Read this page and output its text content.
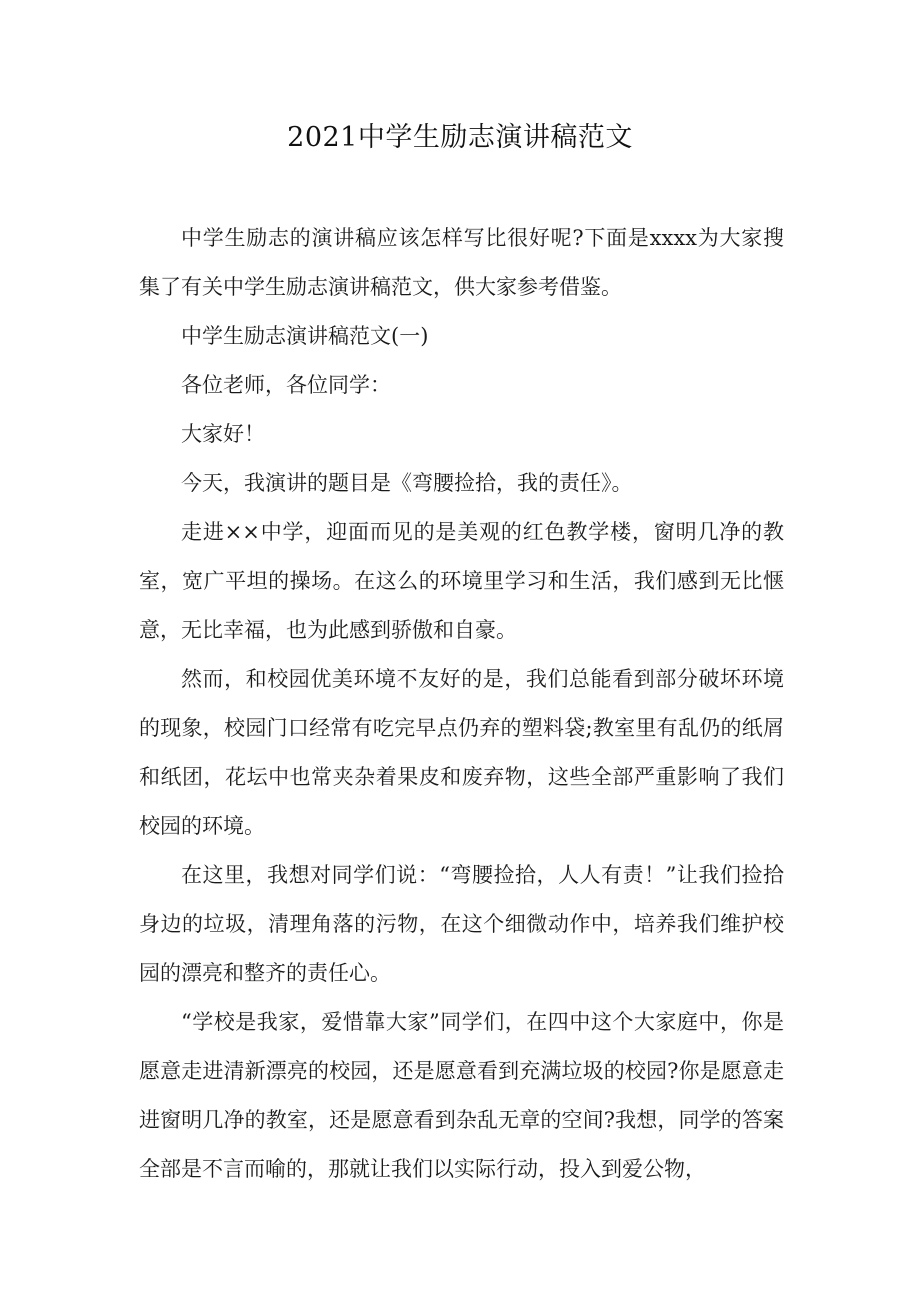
2021中学生励志演讲稿范文

中学生励志的演讲稿应该怎样写比很好呢?下面是xxxx为大家搜集了有关中学生励志演讲稿范文，供大家参考借鉴。

中学生励志演讲稿范文(一)

各位老师，各位同学：

大家好！

今天，我演讲的题目是《弯腰捡拾，我的责任》。

走进××中学，迎面而见的是美观的红色教学楼，窗明几净的教室，宽广平坦的操场。在这么的环境里学习和生活，我们感到无比惬意，无比幸福，也为此感到骄傲和自豪。

然而，和校园优美环境不友好的是，我们总能看到部分破坏环境的现象，校园门口经常有吃完早点仍弃的塑料袋;教室里有乱仍的纸屑和纸团，花坛中也常夹杂着果皮和废弃物，这些全部严重影响了我们校园的环境。

在这里，我想对同学们说：“弯腰捡拾，人人有责！”让我们捡拾身边的垃圾，清理角落的污物，在这个细微动作中，培养我们维护校园的漂亮和整齐的责任心。

“学校是我家，爱惜靠大家”同学们，在四中这个大家庭中，你是愿意走进清新漂亮的校园，还是愿意看到充满垃圾的校园?你是愿意走进窗明几净的教室，还是愿意看到杂乱无章的空间?我想，同学的答案全部是不言而喻的，那就让我们以实际行动，投入到爱公物，
